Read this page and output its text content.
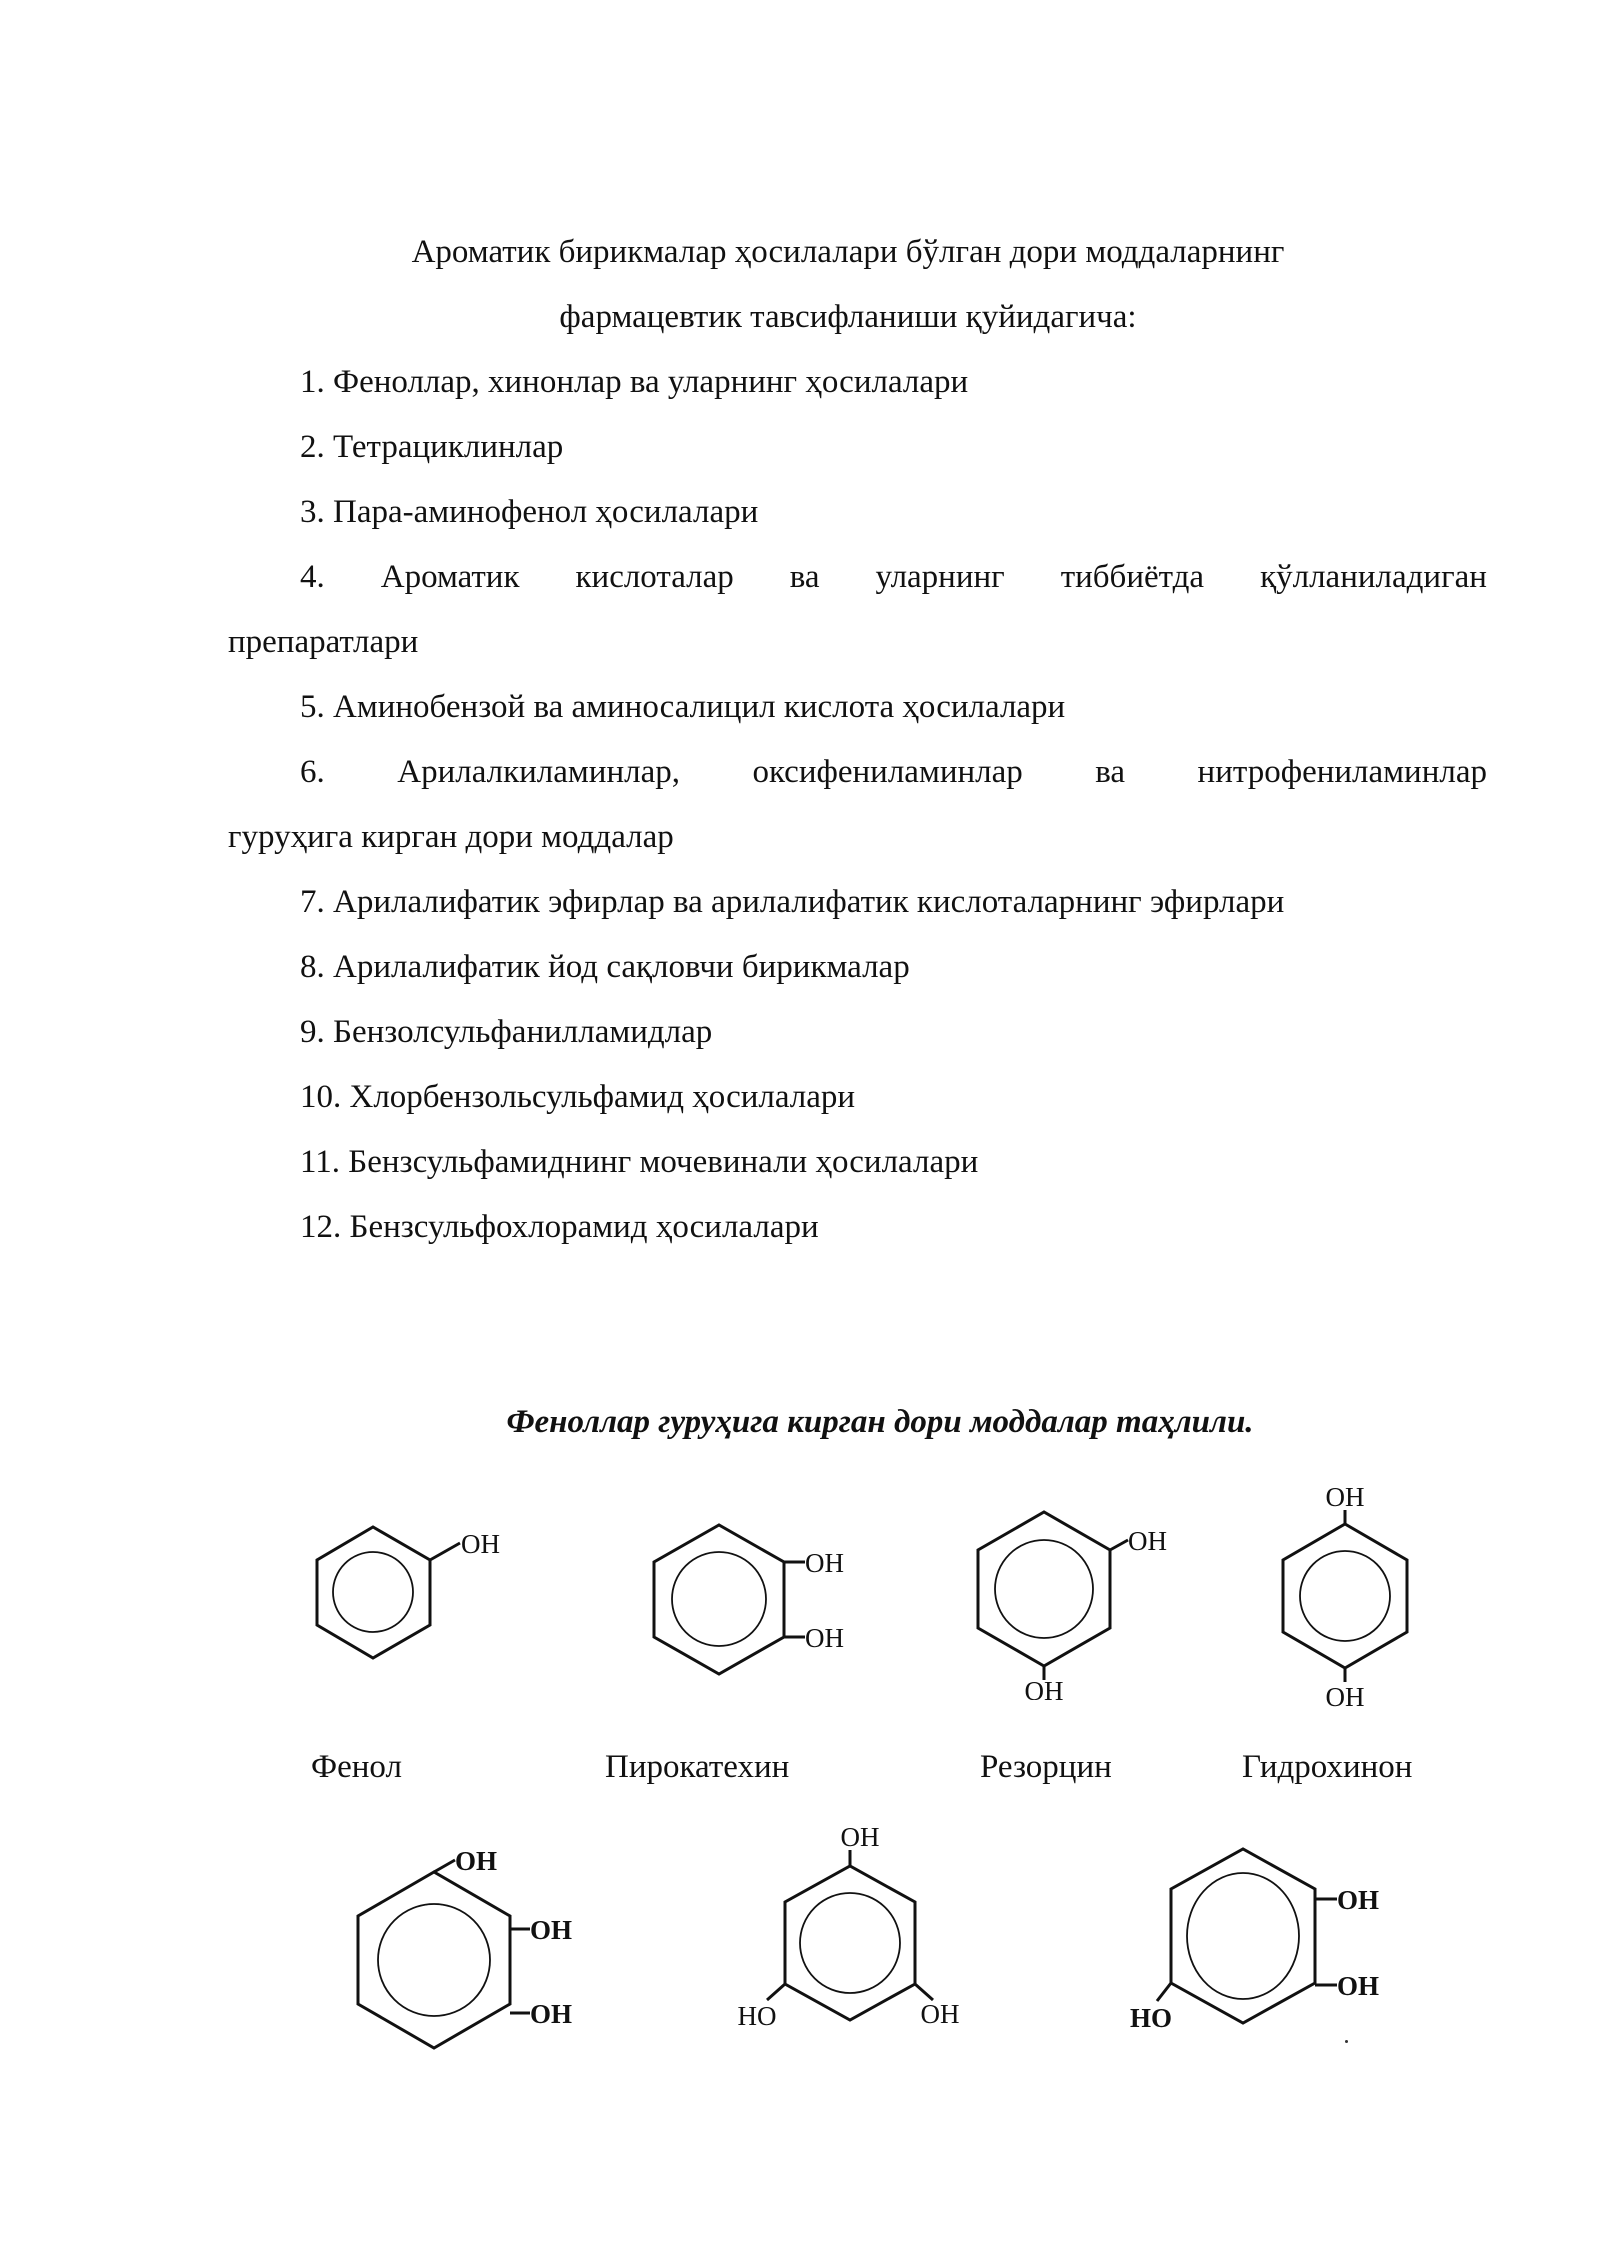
Ароматик бирикмалар ҳосилалари бўлган дори моддаларнинг
фармацевтик тавсифланиши қуйидагича:
1. Феноллар, хинонлар ва уларнинг ҳосилалари
2. Тетрациклинлар
3. Пара-аминофенол ҳосилалари
4. Ароматик кислоталар ва уларнинг тиббиётда қўлланиладиган
препаратлари
5. Аминобензой ва аминосалицил кислота ҳосилалари
6. Арилалкиламинлар, оксифениламинлар ва нитрофениламинлар
гуруҳига кирган дори моддалар
7. Арилалифатик эфирлар ва арилалифатик кислоталарнинг эфирлари
8. Арилалифатик йод сақловчи бирикмалар
9. Бензолсульфанилламидлар
10. Хлорбензольсульфамид ҳосилалари
11. Бензсульфамиднинг мочевинали ҳосилалари
12. Бензсульфохлорамид ҳосилалари
Феноллар гуруҳига кирган дори моддалар таҳлили.
OH
OH
OH
OH
OH
OH
OH
Фенол	Пирокатехин	Резорцин	Гидрохинон
OH
OH
OH
OH
HO	OH
OH
OH
HO
